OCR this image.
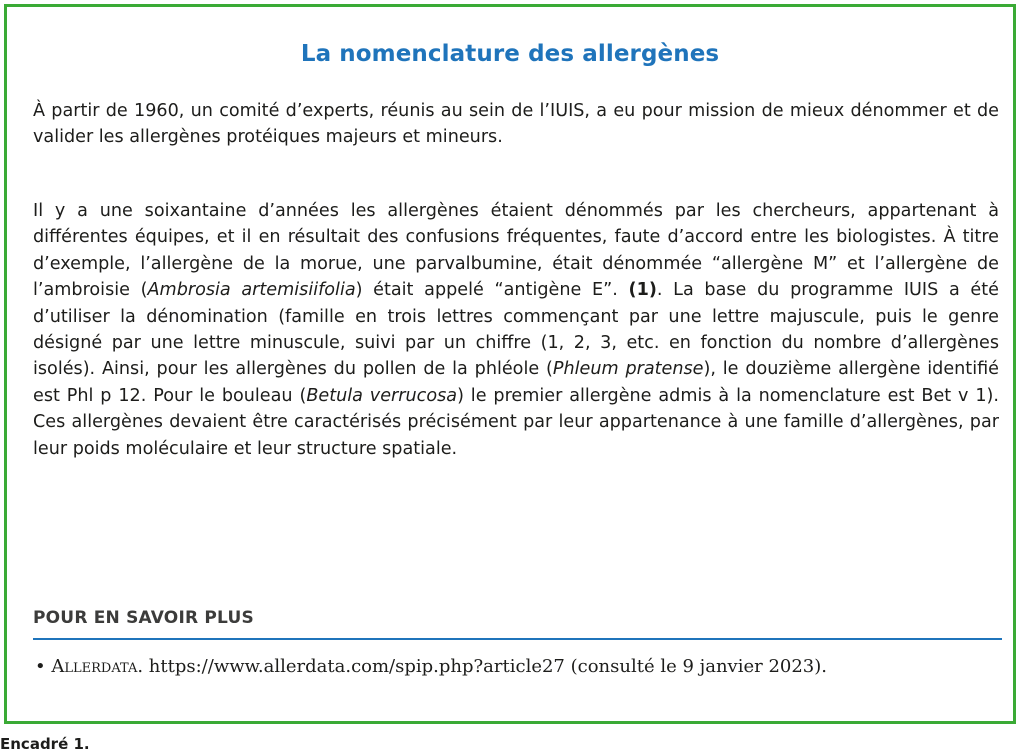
La nomenclature des allergènes

À partir de 1960, un comité d’experts, réunis au sein de l’IUIS, a eu pour mission de mieux dénommer et de valider les allergènes protéiques majeurs et mineurs.

Il y a une soixantaine d’années les allergènes étaient dénommés par les chercheurs, appartenant à différentes équipes, et il en résultait des confusions fréquentes, faute d’accord entre les biologistes. À titre d’exemple, l’allergène de la morue, une parvalbumine, était dénommée “allergène M” et l’allergène de l’ambroisie (Ambrosia artemisiifolia) était appelé “antigène E”. (1). La base du programme IUIS a été d’utiliser la dénomination (famille en trois lettres commençant par une lettre majuscule, puis le genre désigné par une lettre minuscule, suivi par un chiffre (1, 2, 3, etc. en fonction du nombre d’allergènes isolés). Ainsi, pour les allergènes du pollen de la phléole (Phleum pratense), le douzième allergène identifié est Phl p 12. Pour le bouleau (Betula verrucosa) le premier allergène admis à la nomenclature est Bet v 1). Ces allergènes devaient être caractérisés précisément par leur appartenance à une famille d’allergènes, par leur poids moléculaire et leur structure spatiale.

POUR EN SAVOIR PLUS
• Allerdata. https://www.allerdata.com/spip.php?article27 (consulté le 9 janvier 2023).
Encadré 1.
